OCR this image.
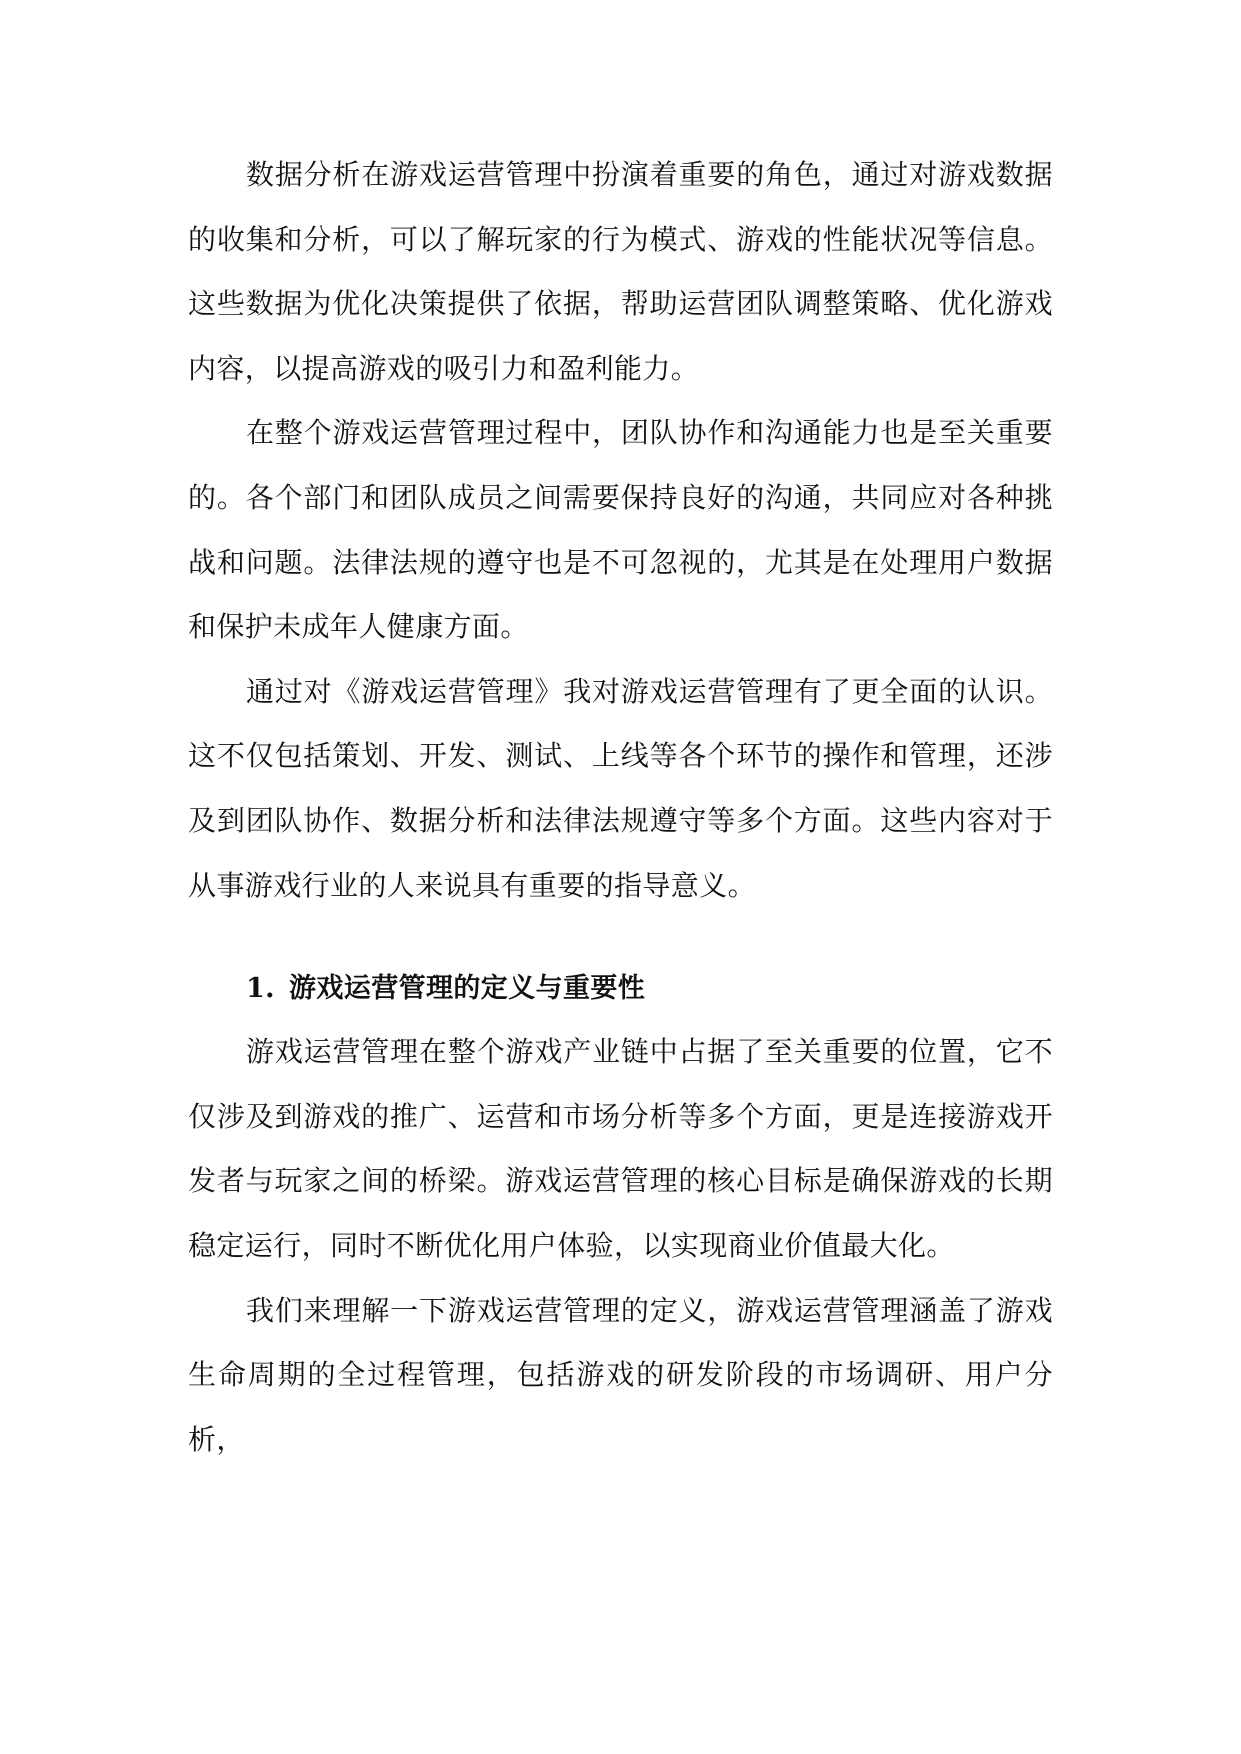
数据分析在游戏运营管理中扮演着重要的角色，通过对游戏数据的收集和分析，可以了解玩家的行为模式、游戏的性能状况等信息。这些数据为优化决策提供了依据，帮助运营团队调整策略、优化游戏内容，以提高游戏的吸引力和盈利能力。

在整个游戏运营管理过程中，团队协作和沟通能力也是至关重要的。各个部门和团队成员之间需要保持良好的沟通，共同应对各种挑战和问题。法律法规的遵守也是不可忽视的，尤其是在处理用户数据和保护未成年人健康方面。

通过对《游戏运营管理》我对游戏运营管理有了更全面的认识。这不仅包括策划、开发、测试、上线等各个环节的操作和管理，还涉及到团队协作、数据分析和法律法规遵守等多个方面。这些内容对于从事游戏行业的人来说具有重要的指导意义。

1. 游戏运营管理的定义与重要性

游戏运营管理在整个游戏产业链中占据了至关重要的位置，它不仅涉及到游戏的推广、运营和市场分析等多个方面，更是连接游戏开发者与玩家之间的桥梁。游戏运营管理的核心目标是确保游戏的长期稳定运行，同时不断优化用户体验，以实现商业价值最大化。

我们来理解一下游戏运营管理的定义，游戏运营管理涵盖了游戏生命周期的全过程管理，包括游戏的研发阶段的市场调研、用户分析，
